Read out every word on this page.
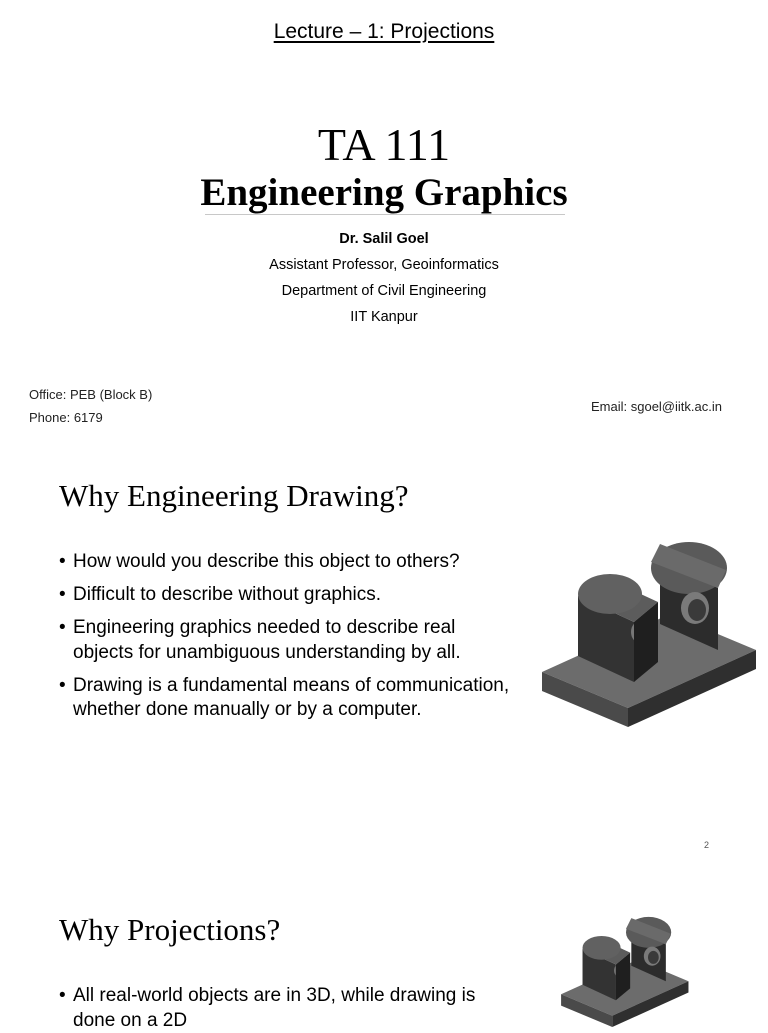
Lecture – 1: Projections
TA 111
Engineering Graphics
Dr. Salil Goel
Assistant Professor, Geoinformatics
Department of Civil Engineering
IIT Kanpur
Office: PEB (Block B)
Phone: 6179
Email: sgoel@iitk.ac.in
Why Engineering Drawing?
• How would you describe this object to others?
• Difficult to describe without graphics.
• Engineering graphics needed to describe real objects for unambiguous understanding by all.
• Drawing is a fundamental means of communication, whether done manually or by a computer.
2
Why Projections?
• All real-world objects are in 3D, while drawing is done on a 2D
